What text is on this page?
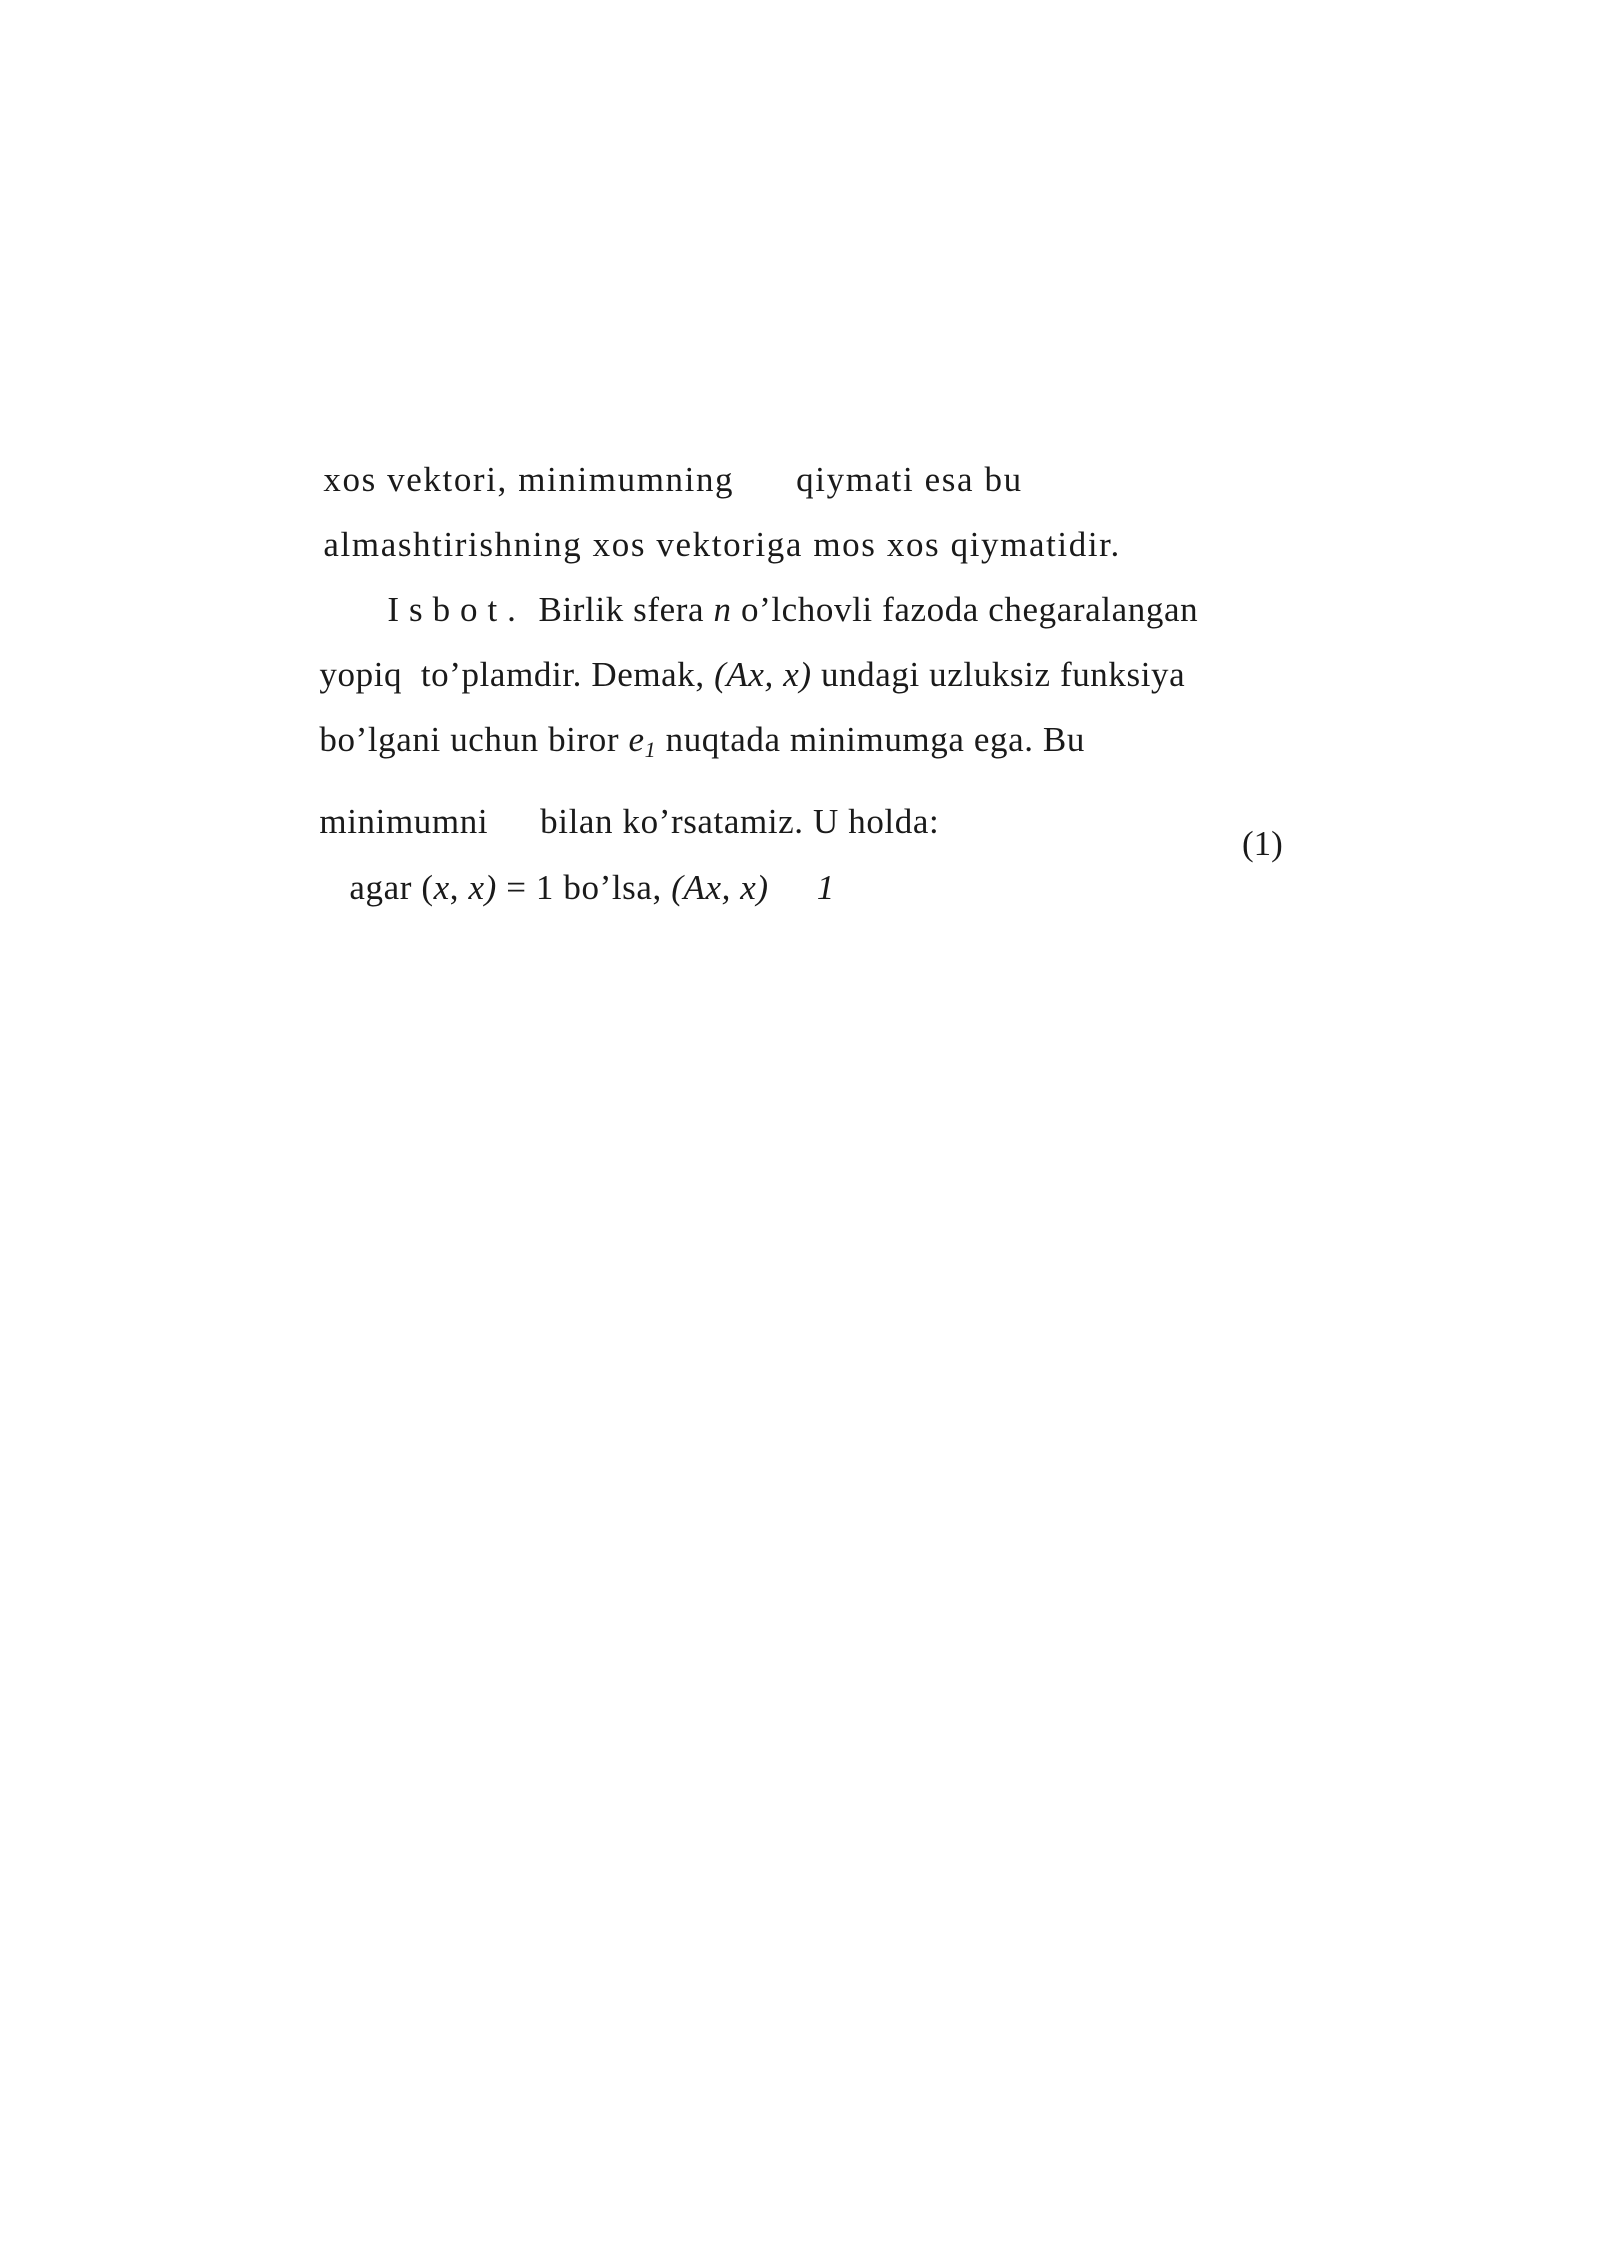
xos vektori, minimumning qiymati esa bu

almashtirishning xos vektoriga mos xos qiymatidir.

I s b o t . Birlik sfera n o’lchovli fazoda chegaralangan

yopiq  to’plamdir. Demak, (Ax, x) undagi uzluksiz funksiya

bo’lgani uchun biror $e_1$ nuqtada minimumga ega. Bu

minimumni bilan ko’rsatamiz. U holda:

agar (x, x) = 1 bo’lsa, (Ax, x) 1

(1)
